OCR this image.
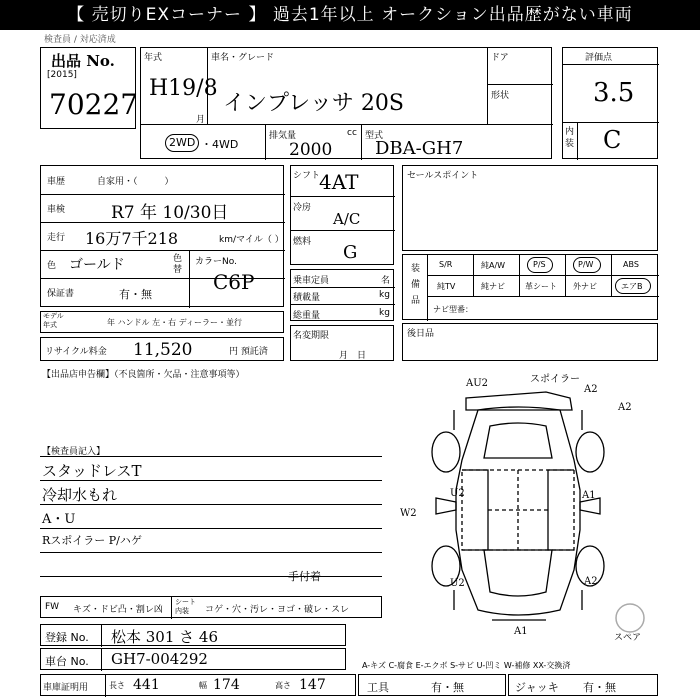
【 売切りEXコーナー 】 過去1年以上 オークション出品歴がない車両
検査員 / 対応済成
出品 No.
[2015]
70227
年式
H19/8
月
車名・グレード
インプレッサ 20S
ドア
形状
2WD ・4WD
排気量	cc
2000
型式
DBA-GH7
評価点
3.5
内装 C
車歴	自家用・（　　　）
車検	R7 年 10/30日
走行 16万7千218	km/マイル（ ）
色 ゴールド	色替
保証書	有・無
カラーNo.
C6P
モデル年式	年 ハンドル 左・右 ディーラー・並行
リサイクル料金 11,520	円 預託済
シフト
4AT
冷房
A/C
燃料 G
乗車定員	名
積載量	kg
総重量	kg
名変期限
月　日
セールスポイント
装備品
S/R	純A/W	P/S	P/W	ABS
純TV	純ナビ	革シート 外ナビ	エアB
ナビ型番：
後日品
【出品店申告欄】（不良箇所・欠品・注意事項等）
【検査員記入】
スタッドレスT
冷却水もれ
A・U
Rスポイラー P/ハゲ
AU2	スポイラー
A2
A2
U2	A1
W2
U2	A2
A1
手付着
スペア
FW キズ・ドビ凸・割レ凶
シート内装	コゲ・穴・汚レ・ヨゴ・破レ・スレ
登録 No. 松本 301 さ 46
車台 No. GH7-004292	A-キズ C-腐食 E-エクボ S-サビ U-凹ミ W-補修 XX-交換済
車庫証明用	長さ 441	幅 174	高さ 147	工具	有・無	ジャッキ 有・無
